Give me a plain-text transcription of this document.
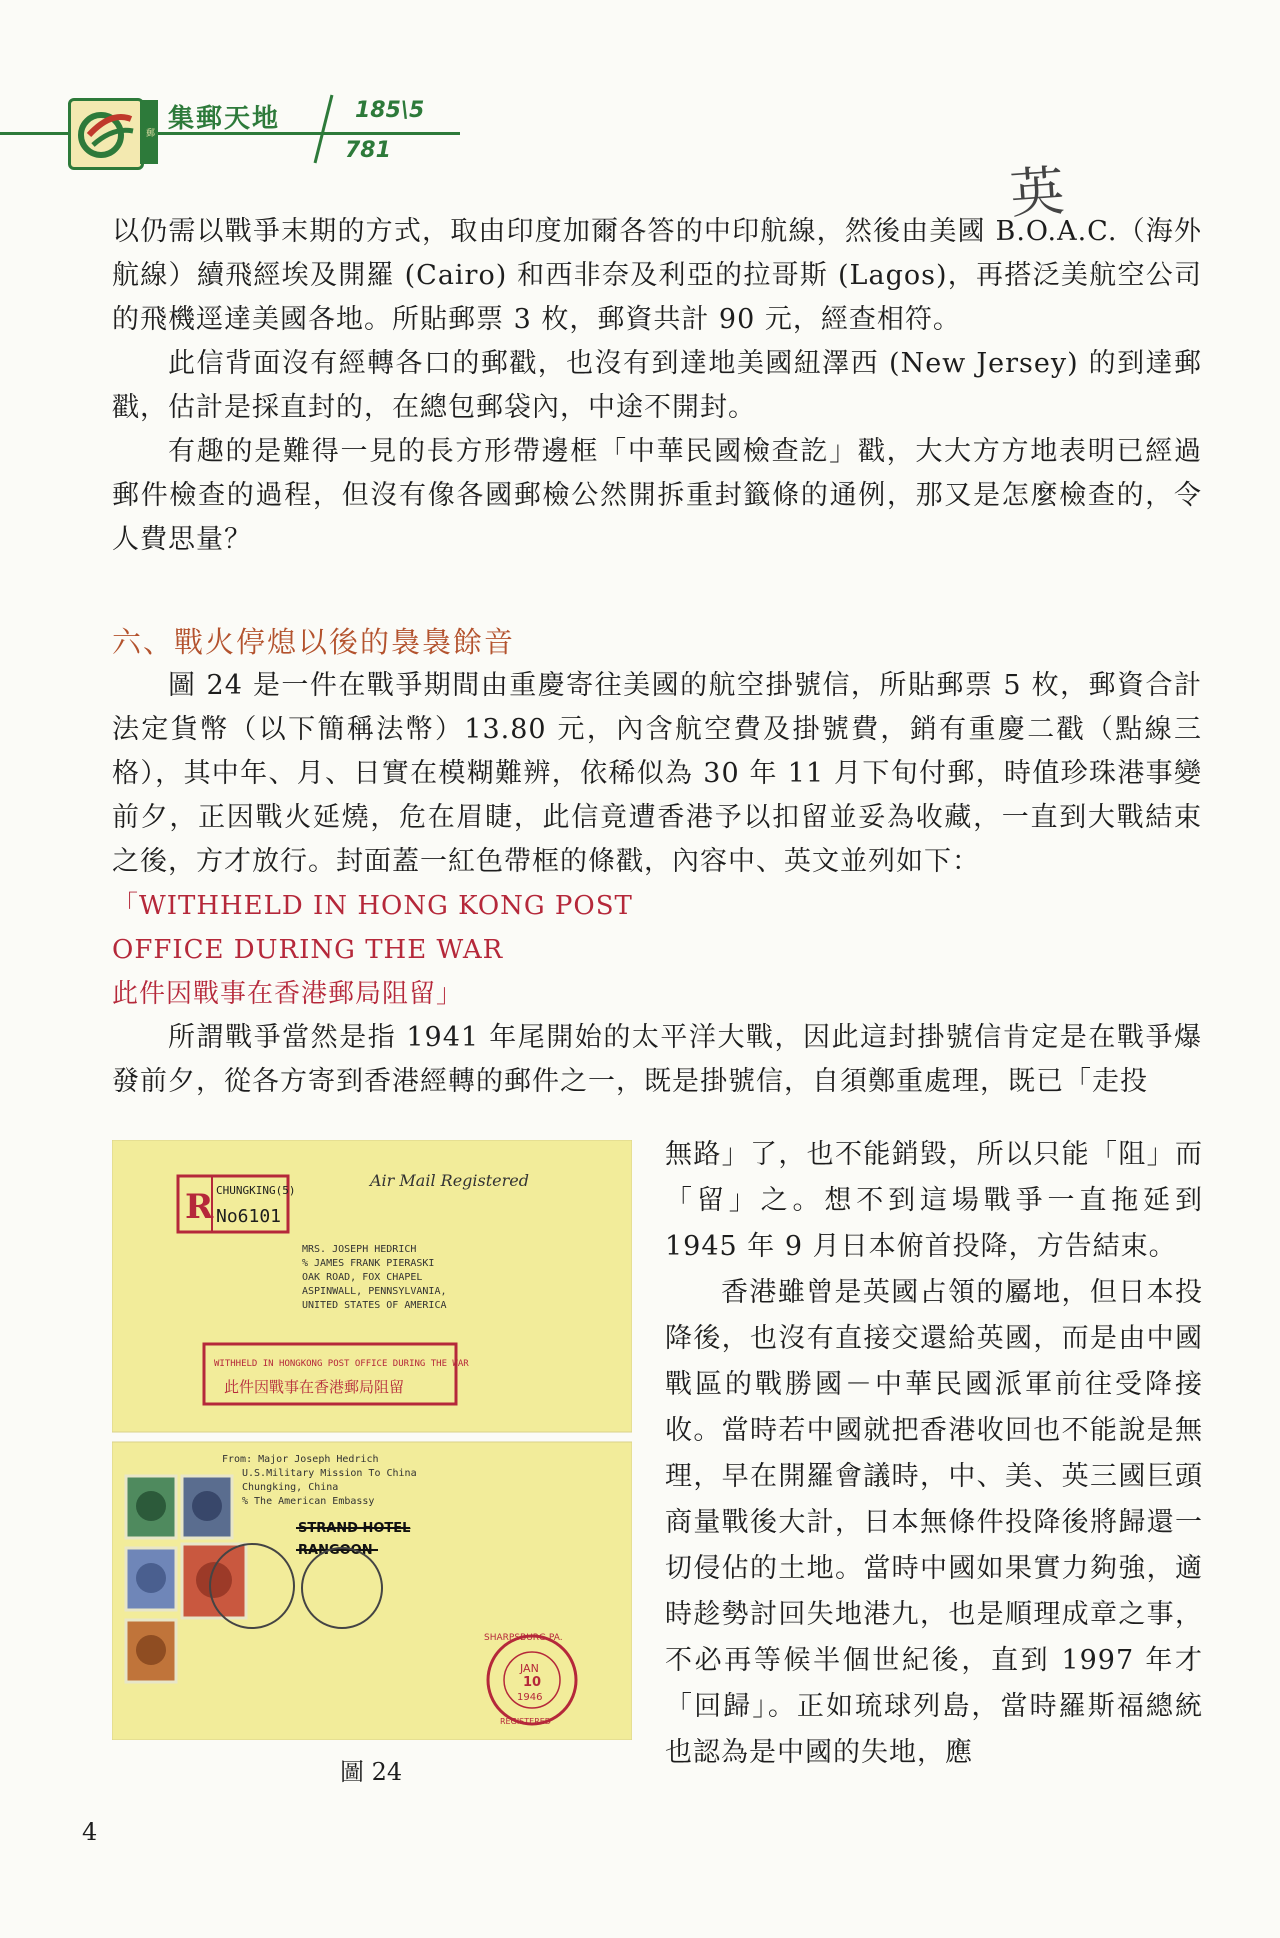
郵 集郵天地	185\5
781
英

以仍需以戰爭末期的方式，取由印度加爾各答的中印航線，然後由美國 B.O.A.C.（海外航線）續飛經埃及開羅 (Cairo) 和西非奈及利亞的拉哥斯 (Lagos)，再搭泛美航空公司的飛機逕達美國各地。所貼郵票 3 枚，郵資共計 90 元，經查相符。

此信背面沒有經轉各口的郵戳，也沒有到達地美國紐澤西 (New Jersey) 的到達郵戳，估計是採直封的，在總包郵袋內，中途不開封。

有趣的是難得一見的長方形帶邊框「中華民國檢查訖」戳，大大方方地表明已經過郵件檢查的過程，但沒有像各國郵檢公然開拆重封籤條的通例，那又是怎麼檢查的，令人費思量？

六、戰火停熄以後的裊裊餘音

圖 24 是一件在戰爭期間由重慶寄往美國的航空掛號信，所貼郵票 5 枚，郵資合計法定貨幣（以下簡稱法幣）13.80 元，內含航空費及掛號費，銷有重慶二戳（點線三格），其中年、月、日實在模糊難辨，依稀似為 30 年 11 月下旬付郵，時值珍珠港事變前夕，正因戰火延燒，危在眉睫，此信竟遭香港予以扣留並妥為收藏，一直到大戰結束之後，方才放行。封面蓋一紅色帶框的條戳，內容中、英文並列如下：

「WITHHELD IN HONG KONG POST

OFFICE DURING THE WAR

此件因戰事在香港郵局阻留」

所謂戰爭當然是指 1941 年尾開始的太平洋大戰，因此這封掛號信肯定是在戰爭爆發前夕，從各方寄到香港經轉的郵件之一，既是掛號信，自須鄭重處理，既已「走投

R CHUNGKING(5)
No6101
Air Mail Registered
MRS. JOSEPH HEDRICH
% JAMES FRANK PIERASKI
OAK ROAD, FOX CHAPEL
ASPINWALL, PENNSYLVANIA,
UNITED STATES OF AMERICA
WITHHELD IN HONGKONG POST OFFICE DURING THE WAR
此件因戰事在香港郵局阻留
From: Major Joseph Hedrich
U.S.Military Mission To China
Chungking, China
% The American Embassy
STRAND HOTEL
RANGOON
SHARPSBURG PA.
JAN
10
1946
REGISTERED
圖 24

無路」了，也不能銷毀，所以只能「阻」而「留」之。想不到這場戰爭一直拖延到 1945 年 9 月日本俯首投降，方告結束。

香港雖曾是英國占領的屬地，但日本投降後，也沒有直接交還給英國，而是由中國戰區的戰勝國－中華民國派軍前往受降接收。當時若中國就把香港收回也不能說是無理，早在開羅會議時，中、美、英三國巨頭商量戰後大計，日本無條件投降後將歸還一切侵佔的土地。當時中國如果實力夠強，適時趁勢討回失地港九，也是順理成章之事，不必再等候半個世紀後，直到 1997 年才「回歸」。正如琉球列島，當時羅斯福總統也認為是中國的失地，應

4
